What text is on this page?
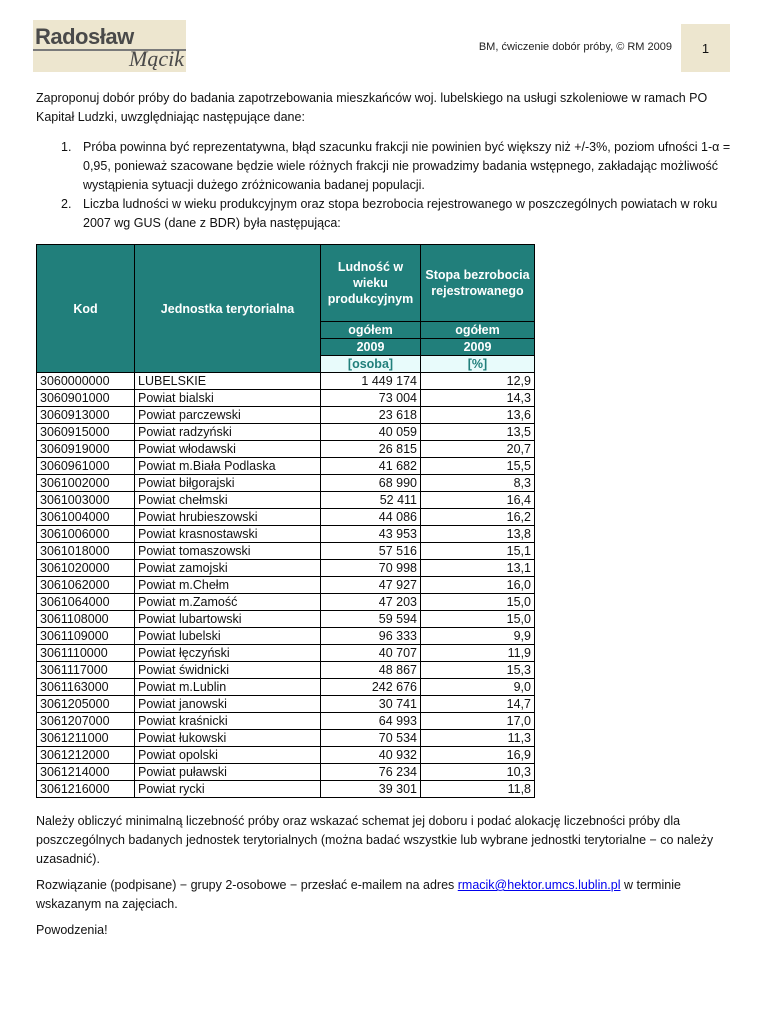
Radosław
Mącik	BM, ćwiczenie dobór próby, © RM 2009	1
Zaproponuj dobór próby do badania zapotrzebowania mieszkańców woj. lubelskiego na usługi szkoleniowe w ramach PO Kapitał Ludzki, uwzględniając następujące dane:
1. Próba powinna być reprezentatywna, błąd szacunku frakcji nie powinien być większy niż +/-3%, poziom ufności 1-α = 0,95, ponieważ szacowane będzie wiele różnych frakcji nie prowadzimy badania wstępnego, zakładając możliwość wystąpienia sytuacji dużego zróżnicowania badanej populacji.
2. Liczba ludności w wieku produkcyjnym oraz stopa bezrobocia rejestrowanego w poszczególnych powiatach w roku 2007 wg GUS (dane z BDR) była następująca:
Kod	Jednostka terytorialna	Ludność w wieku produkcyjnym	Stopa bezrobocia rejestrowanego
		ogółem	ogółem
		2009	2009
		[osoba]	[%]
3060000000	LUBELSKIE	1 449 174	12,9
3060901000	Powiat bialski	73 004	14,3
3060913000	Powiat parczewski	23 618	13,6
3060915000	Powiat radzyński	40 059	13,5
3060919000	Powiat włodawski	26 815	20,7
3060961000	Powiat m.Biała Podlaska	41 682	15,5
3061002000	Powiat biłgorajski	68 990	8,3
3061003000	Powiat chełmski	52 411	16,4
3061004000	Powiat hrubieszowski	44 086	16,2
3061006000	Powiat krasnostawski	43 953	13,8
3061018000	Powiat tomaszowski	57 516	15,1
3061020000	Powiat zamojski	70 998	13,1
3061062000	Powiat m.Chełm	47 927	16,0
3061064000	Powiat m.Zamość	47 203	15,0
3061108000	Powiat lubartowski	59 594	15,0
3061109000	Powiat lubelski	96 333	9,9
3061110000	Powiat łęczyński	40 707	11,9
3061117000	Powiat świdnicki	48 867	15,3
3061163000	Powiat m.Lublin	242 676	9,0
3061205000	Powiat janowski	30 741	14,7
3061207000	Powiat kraśnicki	64 993	17,0
3061211000	Powiat łukowski	70 534	11,3
3061212000	Powiat opolski	40 932	16,9
3061214000	Powiat puławski	76 234	10,3
3061216000	Powiat rycki	39 301	11,8

Należy obliczyć minimalną liczebność próby oraz wskazać schemat jej doboru i podać alokację liczebności próby dla poszczególnych badanych jednostek terytorialnych (można badać wszystkie lub wybrane jednostki terytorialne − co należy uzasadnić).

Rozwiązanie (podpisane) − grupy 2-osobowe − przesłać e-mailem na adres rmacik@hektor.umcs.lublin.pl w terminie wskazanym na zajęciach.

Powodzenia!
